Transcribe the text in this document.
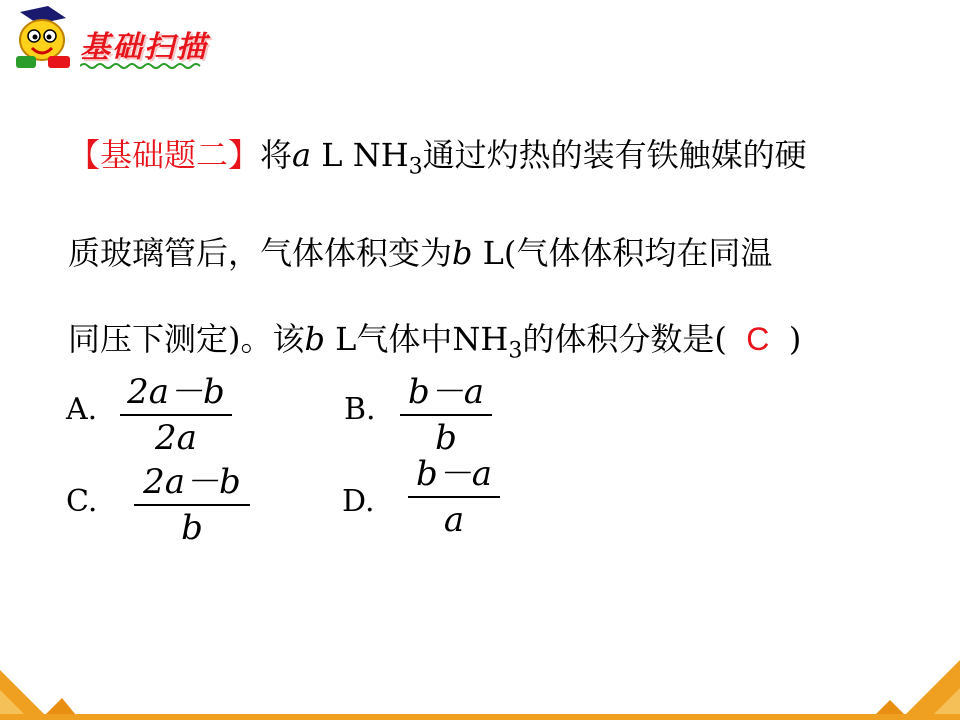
基础扫描
【基础题二】将a L $NH_3$通过灼热的装有铁触媒的硬
质玻璃管后，气体体积变为b L(气体体积均在同温
同压下测定)。该b L气体中$NH_3$的体积分数是( C )
A. 2a－b
2a
B. b－a
b
C. 2a－b
b
D.
b－a
a
